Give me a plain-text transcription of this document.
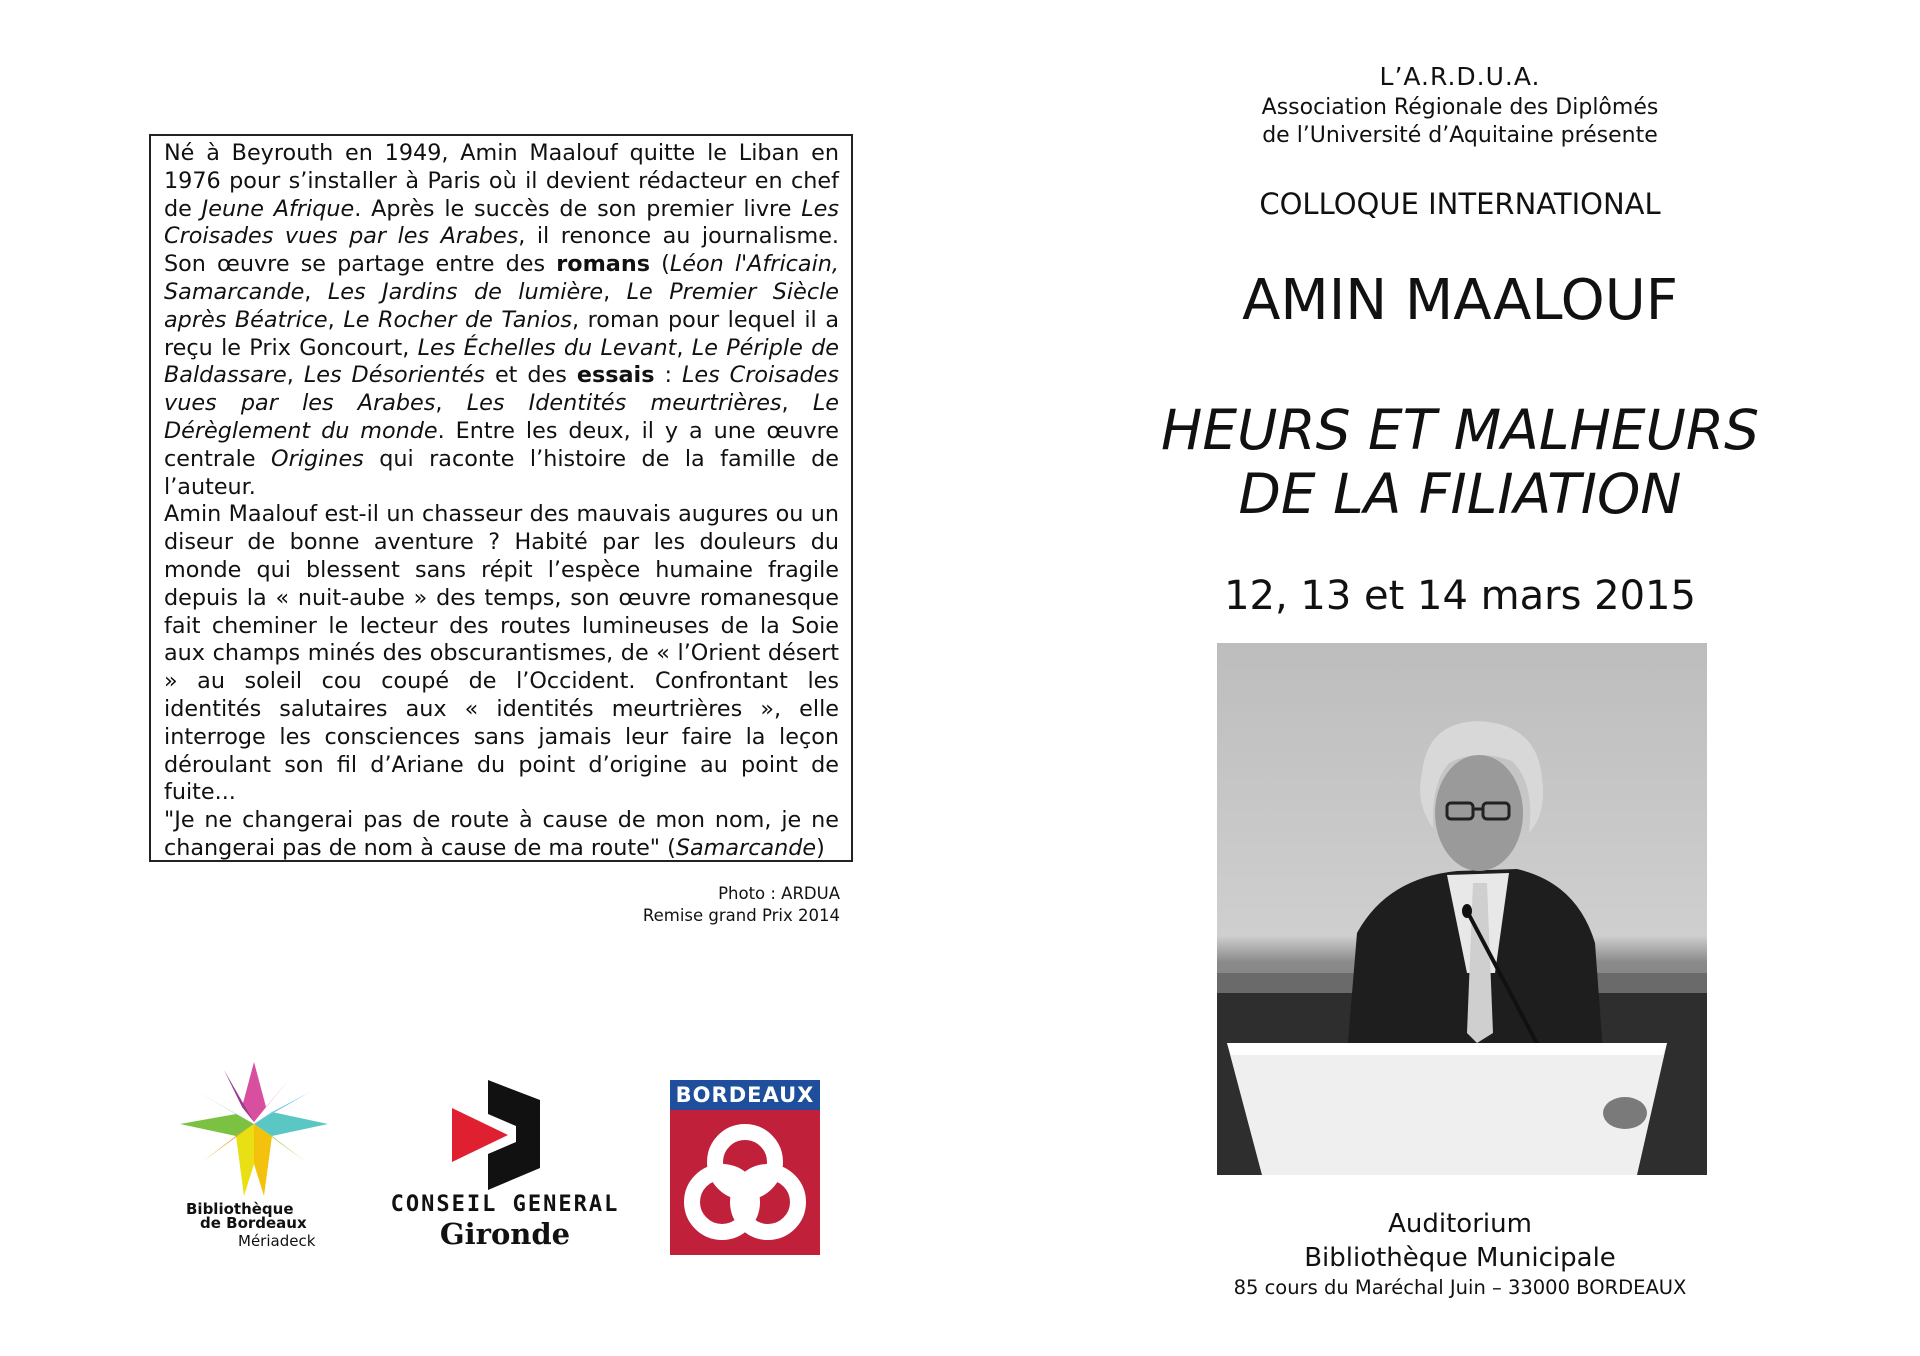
Né à Beyrouth en 1949, Amin Maalouf quitte le Liban en 1976 pour s’installer à Paris où il devient rédacteur en chef de Jeune Afrique. Après le succès de son premier livre Les Croisades vues par les Arabes, il renonce au journalisme. Son œuvre se partage entre des romans (Léon l'Africain, Samarcande, Les Jardins de lumière, Le Premier Siècle après Béatrice, Le Rocher de Tanios, roman pour lequel il a reçu le Prix Goncourt, Les Échelles du Levant, Le Périple de Baldassare, Les Désorientés et des essais : Les Croisades vues par les Arabes, Les Identités meurtrières, Le Dérèglement du monde. Entre les deux, il y a une œuvre centrale Origines qui raconte l’histoire de la famille de l’auteur.

Amin Maalouf est-il un chasseur des mauvais augures ou un diseur de bonne aventure ? Habité par les douleurs du monde qui blessent sans répit l’espèce humaine fragile depuis la « nuit-aube » des temps, son œuvre romanesque fait cheminer le lecteur des routes lumineuses de la Soie aux champs minés des obscurantismes, de « l’Orient désert » au soleil cou coupé de l’Occident. Confrontant les identités salutaires aux « identités meurtrières », elle interroge les consciences sans jamais leur faire la leçon déroulant son fil d’Ariane du point d’origine au point de fuite...

"Je ne changerai pas de route à cause de mon nom, je ne changerai pas de nom à cause de ma route" (Samarcande)

Photo : ARDUA
Remise grand Prix 2014
Bibliothèque
de Bordeaux
Mériadeck
CONSEIL GENERAL
Gironde
BORDEAUX
L’A.R.D.U.A.
Association Régionale des Diplômés
de l’Université d’Aquitaine présente
COLLOQUE INTERNATIONAL
AMIN MAALOUF
HEURS ET MALHEURS
DE LA FILIATION
12, 13 et 14 mars 2015
Auditorium
Bibliothèque Municipale
85 cours du Maréchal Juin – 33000 BORDEAUX
